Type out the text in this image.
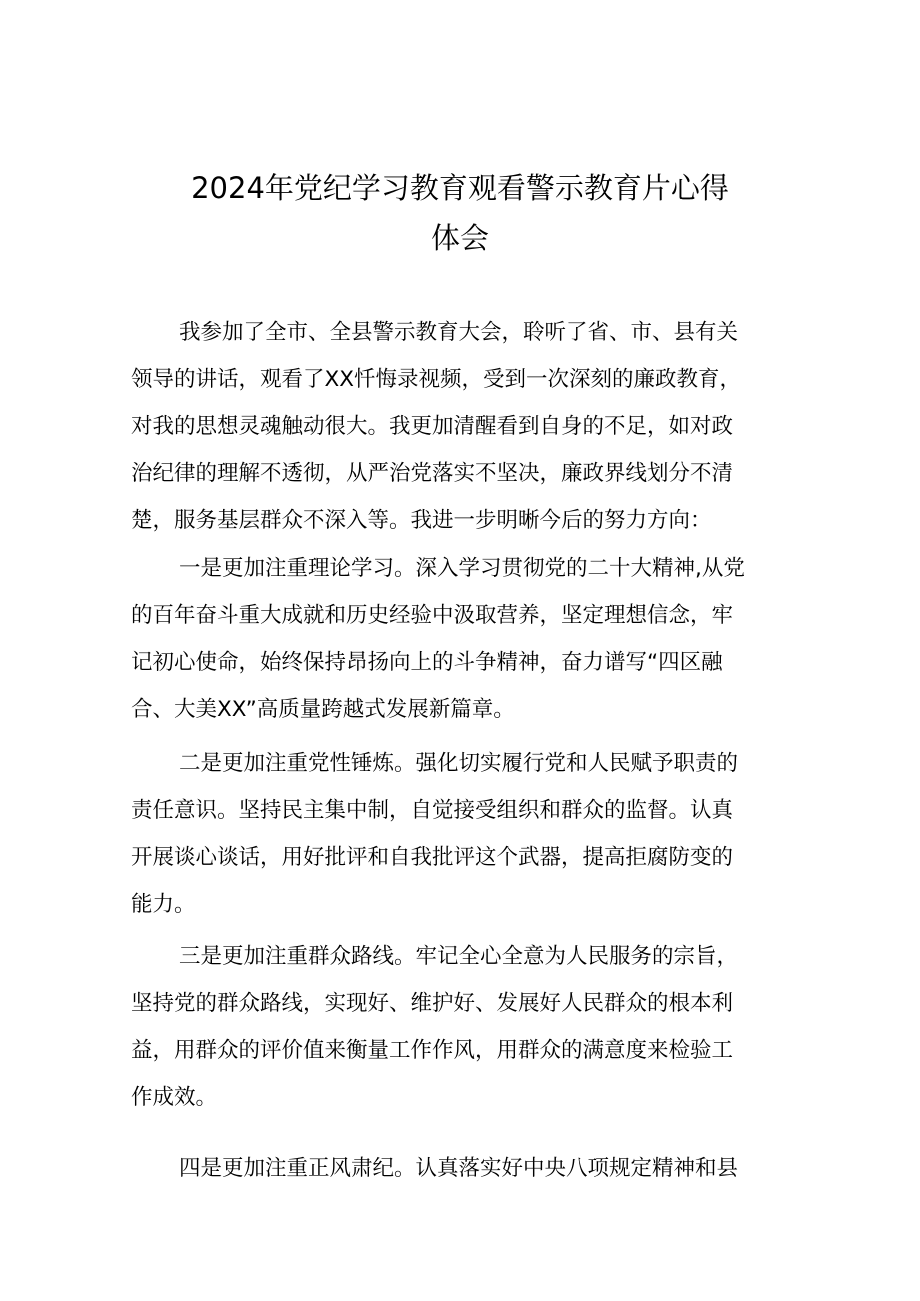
2024年党纪学习教育观看警示教育片心得
体会
我参加了全市、全县警示教育大会，聆听了省、市、县有关
领导的讲话，观看了XX忏悔录视频，受到一次深刻的廉政教育，
对我的思想灵魂触动很大。我更加清醒看到自身的不足，如对政
治纪律的理解不透彻，从严治党落实不坚决，廉政界线划分不清
楚，服务基层群众不深入等。我进一步明晰今后的努力方向：
一是更加注重理论学习。深入学习贯彻党的二十大精神,从党
的百年奋斗重大成就和历史经验中汲取营养，坚定理想信念，牢
记初心使命，始终保持昂扬向上的斗争精神，奋力谱写“四区融
合、大美XX”高质量跨越式发展新篇章。
二是更加注重党性锤炼。强化切实履行党和人民赋予职责的
责任意识。坚持民主集中制，自觉接受组织和群众的监督。认真
开展谈心谈话，用好批评和自我批评这个武器，提高拒腐防变的
能力。
三是更加注重群众路线。牢记全心全意为人民服务的宗旨，
坚持党的群众路线，实现好、维护好、发展好人民群众的根本利
益，用群众的评价值来衡量工作作风，用群众的满意度来检验工
作成效。
四是更加注重正风肃纪。认真落实好中央八项规定精神和县
